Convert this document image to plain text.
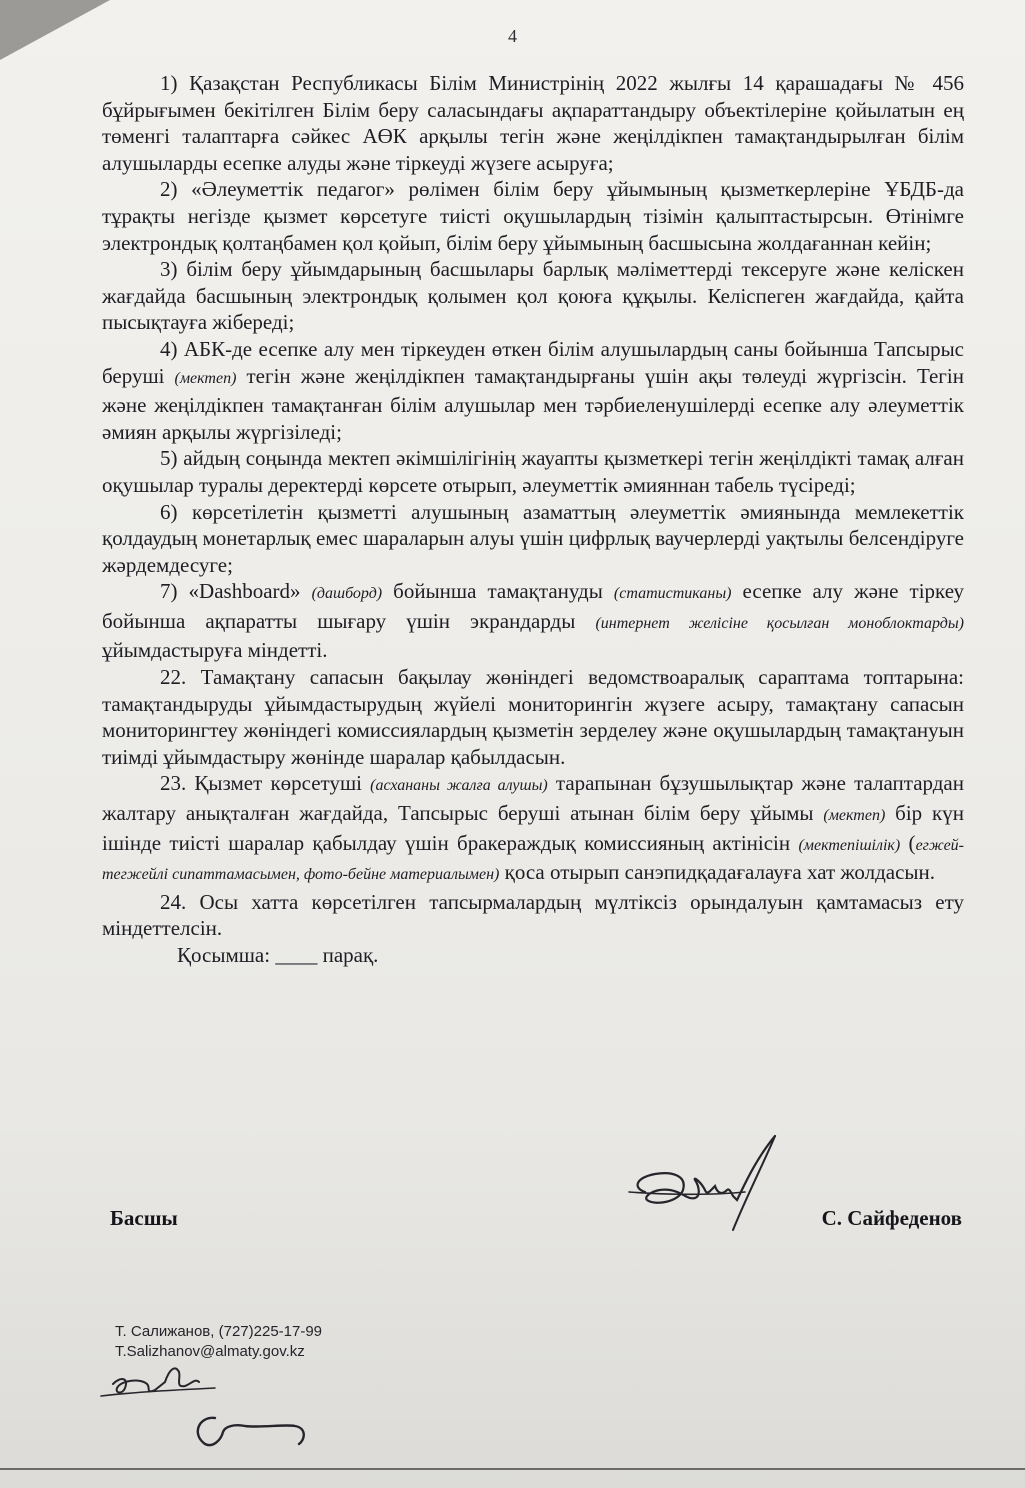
4

1) Қазақстан Республикасы Білім Министрінің 2022 жылғы 14 қарашадағы № 456 бұйрығымен бекітілген Білім беру саласындағы ақпараттандыру объектілеріне қойылатын ең төменгі талаптарға сәйкес АӨК арқылы тегін және жеңілдікпен тамақтандырылған білім алушыларды есепке алуды және тіркеуді жүзеге асыруға;

2) «Әлеуметтік педагог» рөлімен білім беру ұйымының қызметкерлеріне ҰБДБ-да тұрақты негізде қызмет көрсетуге тиісті оқушылардың тізімін қалыптастырсын. Өтінімге электрондық қолтаңбамен қол қойып, білім беру ұйымының басшысына жолдағаннан кейін;

3) білім беру ұйымдарының басшылары барлық мәліметтерді тексеруге және келіскен жағдайда басшының электрондық қолымен қол қоюға құқылы. Келіспеген жағдайда, қайта пысықтауға жібереді;

4) АБК-де есепке алу мен тіркеуден өткен білім алушылардың саны бойынша Тапсырыс беруші (мектеп) тегін және жеңілдікпен тамақтандырғаны үшін ақы төлеуді жүргізсін. Тегін және жеңілдікпен тамақтанған білім алушылар мен тәрбиеленушілерді есепке алу әлеуметтік әмиян арқылы жүргізіледі;

5) айдың соңында мектеп әкімшілігінің жауапты қызметкері тегін жеңілдікті тамақ алған оқушылар туралы деректерді көрсете отырып, әлеуметтік әмияннан табель түсіреді;

6) көрсетілетін қызметті алушының азаматтың әлеуметтік әмиянында мемлекеттік қолдаудың монетарлық емес шараларын алуы үшін цифрлық ваучерлерді уақтылы белсендіруге жәрдемдесуге;

7) «Dashboard» (дашборд) бойынша тамақтануды (статистиканы) есепке алу және тіркеу бойынша ақпаратты шығару үшін экрандарды (интернет желісіне қосылған моноблоктарды) ұйымдастыруға міндетті.

22. Тамақтану сапасын бақылау жөніндегі ведомствоаралық сараптама топтарына: тамақтандыруды ұйымдастырудың жүйелі мониторингін жүзеге асыру, тамақтану сапасын мониторингтеу жөніндегі комиссиялардың қызметін зерделеу және оқушылардың тамақтануын тиімді ұйымдастыру жөнінде шаралар қабылдасын.

23. Қызмет көрсетуші (асхананы жалға алушы) тарапынан бұзушылықтар және талаптардан жалтару анықталған жағдайда, Тапсырыс беруші атынан білім беру ұйымы (мектеп) бір күн ішінде тиісті шаралар қабылдау үшін бракераждық комиссияның актінісін (мектепішілік) (егжей-тегжейлі сипаттамасымен, фото-бейне материалымен) қоса отырып санэпидқадағалауға хат жолдасын.

24. Осы хатта көрсетілген тапсырмалардың мүлтіксіз орындалуын қамтамасыз ету міндеттелсін.

Қосымша: ____ парақ.

Басшы	С. Сайфеденов
Т. Салижанов, (727)225-17-99
T.Salizhanov@almaty.gov.kz
